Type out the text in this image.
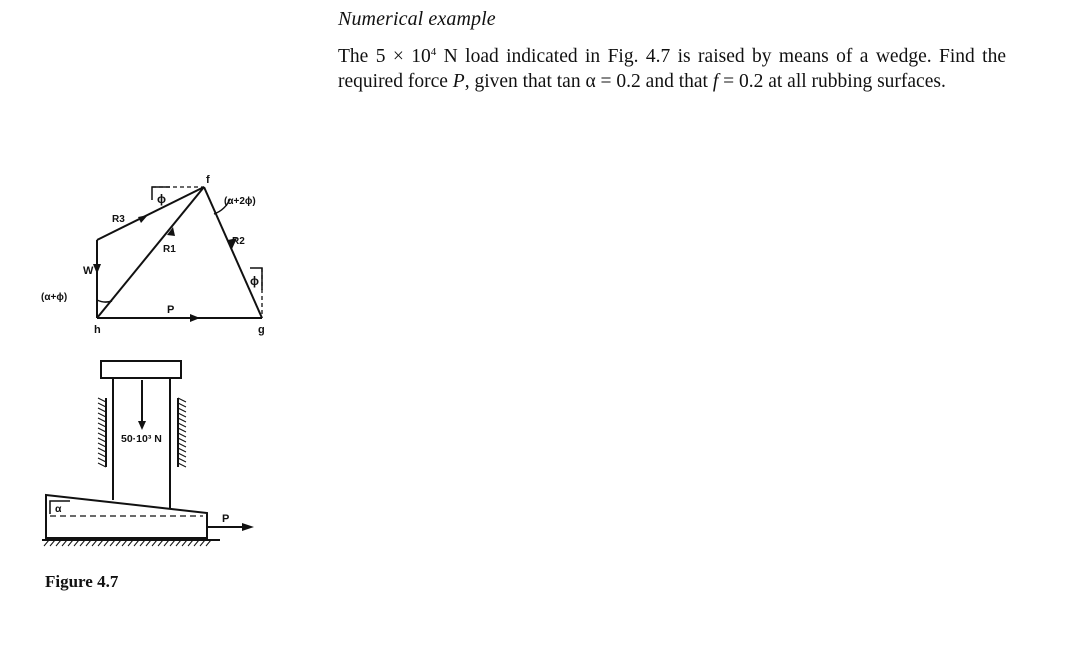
Numerical example
The $5 \times 10^4$ N load indicated in Fig. 4.7 is raised by means of a wedge. Find the required force P, given that tan α = 0.2 and that f = 0.2 at all rubbing surfaces.
f
g
h
W
P
R1
R2
R3
ϕ
ϕ
(α+2ϕ)
(α+ϕ)
50·10³ N
α
P
Figure 4.7
